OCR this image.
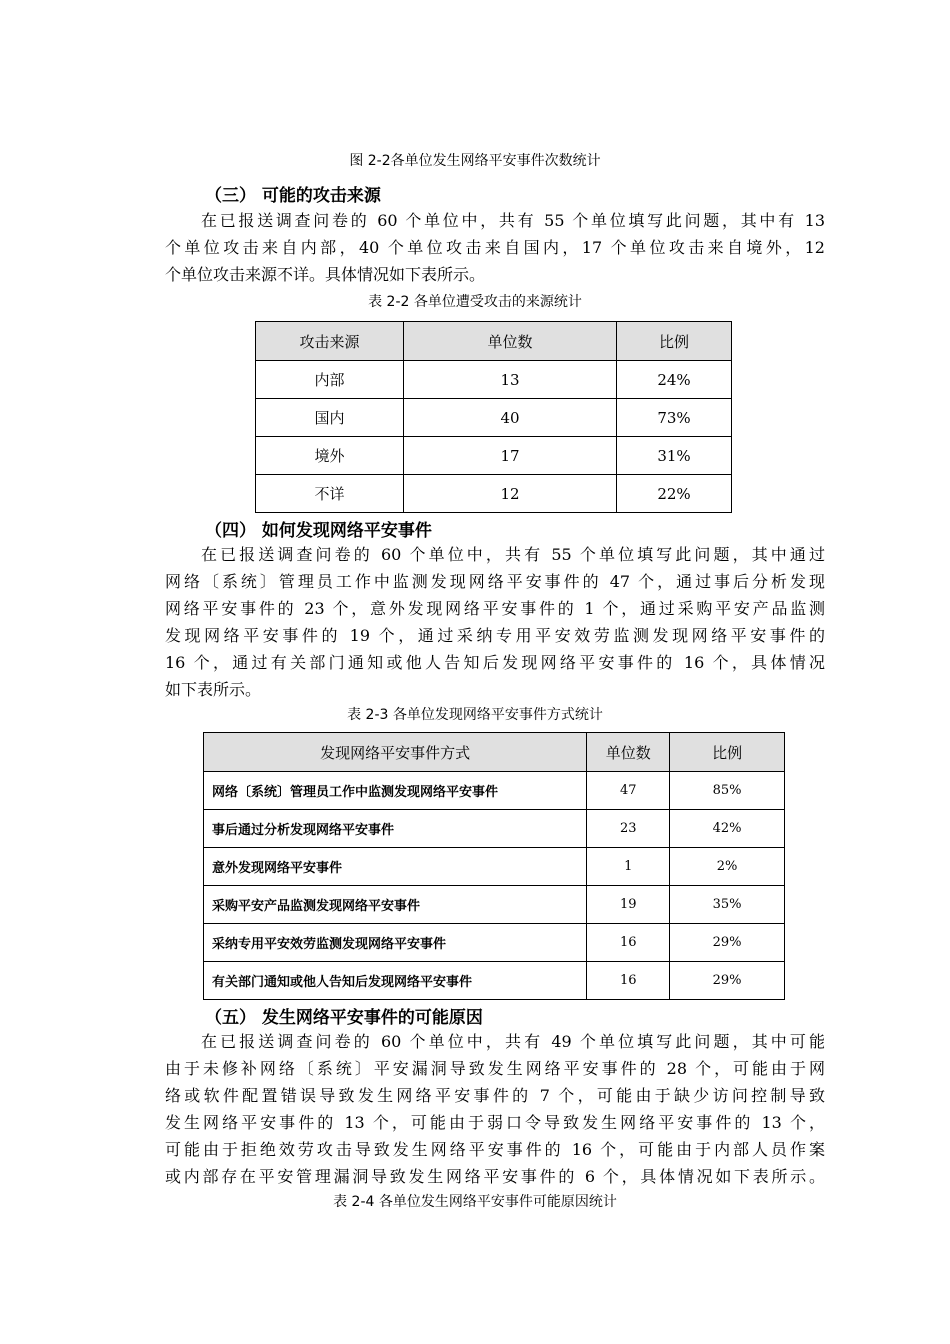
图 2-2各单位发生网络平安事件次数统计
（三） 可能的攻击来源
在已报送调查问卷的 60 个单位中，共有 55 个单位填写此问题，其中有 13
个单位攻击来自内部，40 个单位攻击来自国内，17 个单位攻击来自境外，12
个单位攻击来源不详。具体情况如下表所示。
表 2-2 各单位遭受攻击的来源统计
攻击来源	单位数	比例
内部	13	24%
国内	40	73%
境外	17	31%
不详	12	22%
（四） 如何发现网络平安事件
在已报送调查问卷的 60 个单位中，共有 55 个单位填写此问题，其中通过
网络〔系统〕管理员工作中监测发现网络平安事件的 47 个，通过事后分析发现
网络平安事件的 23 个，意外发现网络平安事件的 1 个，通过采购平安产品监测
发现网络平安事件的 19 个，通过采纳专用平安效劳监测发现网络平安事件的
16 个，通过有关部门通知或他人告知后发现网络平安事件的 16 个，具体情况
如下表所示。
表 2-3 各单位发现网络平安事件方式统计
发现网络平安事件方式	单位数	比例
网络〔系统〕管理员工作中监测发现网络平安事件	47	85%
事后通过分析发现网络平安事件	23	42%
意外发现网络平安事件	1	2%
采购平安产品监测发现网络平安事件	19	35%
采纳专用平安效劳监测发现网络平安事件	16	29%
有关部门通知或他人告知后发现网络平安事件	16	29%
（五） 发生网络平安事件的可能原因
在已报送调查问卷的 60 个单位中，共有 49 个单位填写此问题，其中可能
由于未修补网络〔系统〕平安漏洞导致发生网络平安事件的 28 个，可能由于网
络或软件配置错误导致发生网络平安事件的 7 个，可能由于缺少访问控制导致
发生网络平安事件的 13 个，可能由于弱口令导致发生网络平安事件的 13 个，
可能由于拒绝效劳攻击导致发生网络平安事件的 16 个，可能由于内部人员作案
或内部存在平安管理漏洞导致发生网络平安事件的 6 个，具体情况如下表所示。
表 2-4 各单位发生网络平安事件可能原因统计
